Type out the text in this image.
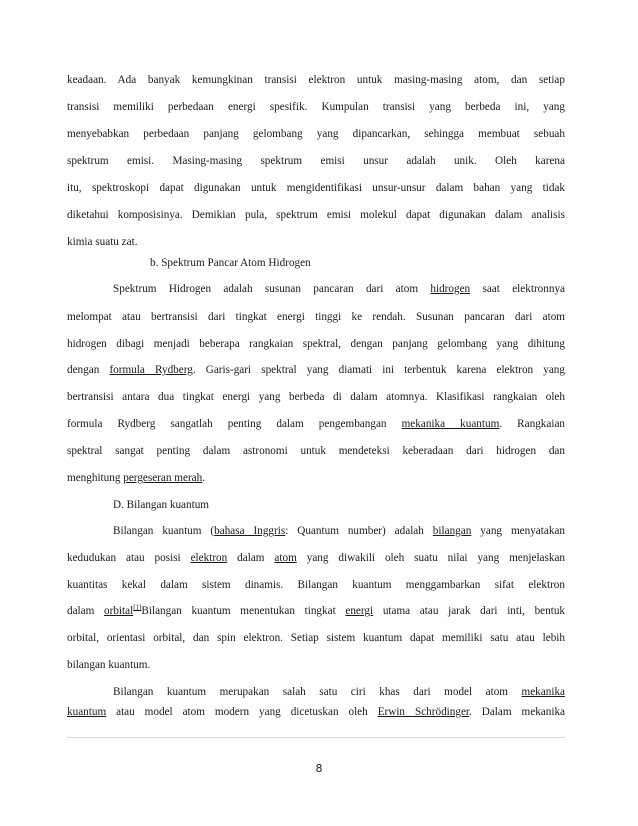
keadaan. Ada banyak kemungkinan transisi elektron untuk masing-masing atom, dan setiap
transisi memiliki perbedaan energi spesifik. Kumpulan transisi yang berbeda ini, yang
menyebabkan perbedaan panjang gelombang yang dipancarkan, sehingga membuat sebuah
spektrum emisi. Masing-masing spektrum emisi unsur adalah unik. Oleh karena
itu, spektroskopi dapat digunakan untuk mengidentifikasi unsur-unsur dalam bahan yang tidak
diketahui komposisinya. Demikian pula, spektrum emisi molekul dapat digunakan dalam analisis
kimia suatu zat.
b. Spektrum Pancar Atom Hidrogen
Spektrum Hidrogen adalah susunan pancaran dari atom hidrogen saat elektronnya
melompat atau bertransisi dari tingkat energi tinggi ke rendah. Susunan pancaran dari atom
hidrogen dibagi menjadi beberapa rangkaian spektral, dengan panjang gelombang yang dihitung
dengan formula Rydberg. Garis-gari spektral yang diamati ini terbentuk karena elektron yang
bertransisi antara dua tingkat energi yang berbeda di dalam atomnya. Klasifikasi rangkaian oleh
formula Rydberg sangatlah penting dalam pengembangan mekanika kuantum. Rangkaian
spektral sangat penting dalam astronomi untuk mendeteksi keberadaan dari hidrogen dan
menghitung pergeseran merah.
D. Bilangan kuantum
Bilangan kuantum (bahasa Inggris: Quantum number) adalah bilangan yang menyatakan
kedudukan atau posisi elektron dalam atom yang diwakili oleh suatu nilai yang menjelaskan
kuantitas kekal dalam sistem dinamis. Bilangan kuantum menggambarkan sifat elektron
dalam orbital[1]Bilangan kuantum menentukan tingkat energi utama atau jarak dari inti, bentuk
orbital, orientasi orbital, dan spin elektron. Setiap sistem kuantum dapat memiliki satu atau lebih
bilangan kuantum.
Bilangan kuantum merupakan salah satu ciri khas dari model atom mekanika
kuantum atau model atom modern yang dicetuskan oleh Erwin Schrödinger. Dalam mekanika
8
